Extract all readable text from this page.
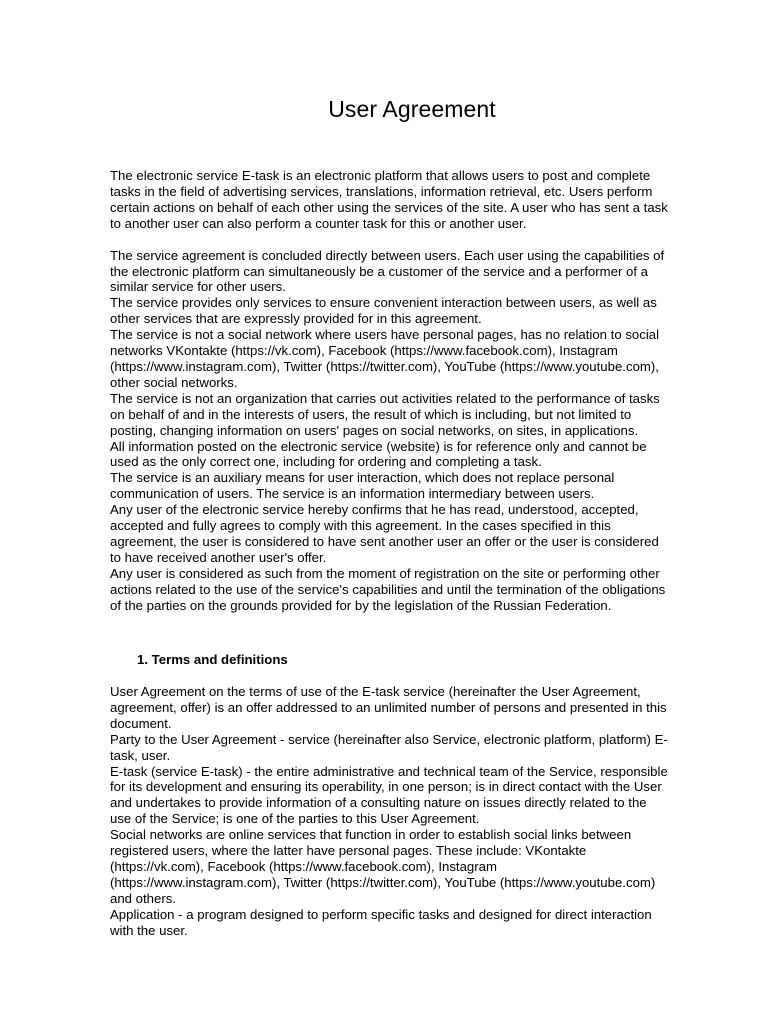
User Agreement

The electronic service E-task is an electronic platform that allows users to post and complete

tasks in the field of advertising services, translations, information retrieval, etc. Users perform

certain actions on behalf of each other using the services of the site. A user who has sent a task

to another user can also perform a counter task for this or another user.

The service agreement is concluded directly between users. Each user using the capabilities of

the electronic platform can simultaneously be a customer of the service and a performer of a

similar service for other users.

The service provides only services to ensure convenient interaction between users, as well as

other services that are expressly provided for in this agreement.

The service is not a social network where users have personal pages, has no relation to social

networks VKontakte (https://vk.com), Facebook (https://www.facebook.com), Instagram

(https://www.instagram.com), Twitter (https://twitter.com), YouTube (https://www.youtube.com),

other social networks.

The service is not an organization that carries out activities related to the performance of tasks

on behalf of and in the interests of users, the result of which is including, but not limited to

posting, changing information on users' pages on social networks, on sites, in applications.

All information posted on the electronic service (website) is for reference only and cannot be

used as the only correct one, including for ordering and completing a task.

The service is an auxiliary means for user interaction, which does not replace personal

communication of users. The service is an information intermediary between users.

Any user of the electronic service hereby confirms that he has read, understood, accepted,

accepted and fully agrees to comply with this agreement. In the cases specified in this

agreement, the user is considered to have sent another user an offer or the user is considered

to have received another user's offer.

Any user is considered as such from the moment of registration on the site or performing other

actions related to the use of the service's capabilities and until the termination of the obligations

of the parties on the grounds provided for by the legislation of the Russian Federation.

1. Terms and definitions

User Agreement on the terms of use of the E-task service (hereinafter the User Agreement,

agreement, offer) is an offer addressed to an unlimited number of persons and presented in this

document.

Party to the User Agreement - service (hereinafter also Service, electronic platform, platform) E-

task, user.

E-task (service E-task) - the entire administrative and technical team of the Service, responsible

for its development and ensuring its operability, in one person; is in direct contact with the User

and undertakes to provide information of a consulting nature on issues directly related to the

use of the Service; is one of the parties to this User Agreement.

Social networks are online services that function in order to establish social links between

registered users, where the latter have personal pages. These include: VKontakte

(https://vk.com), Facebook (https://www.facebook.com), Instagram

(https://www.instagram.com), Twitter (https://twitter.com), YouTube (https://www.youtube.com)

and others.

Application - a program designed to perform specific tasks and designed for direct interaction

with the user.
